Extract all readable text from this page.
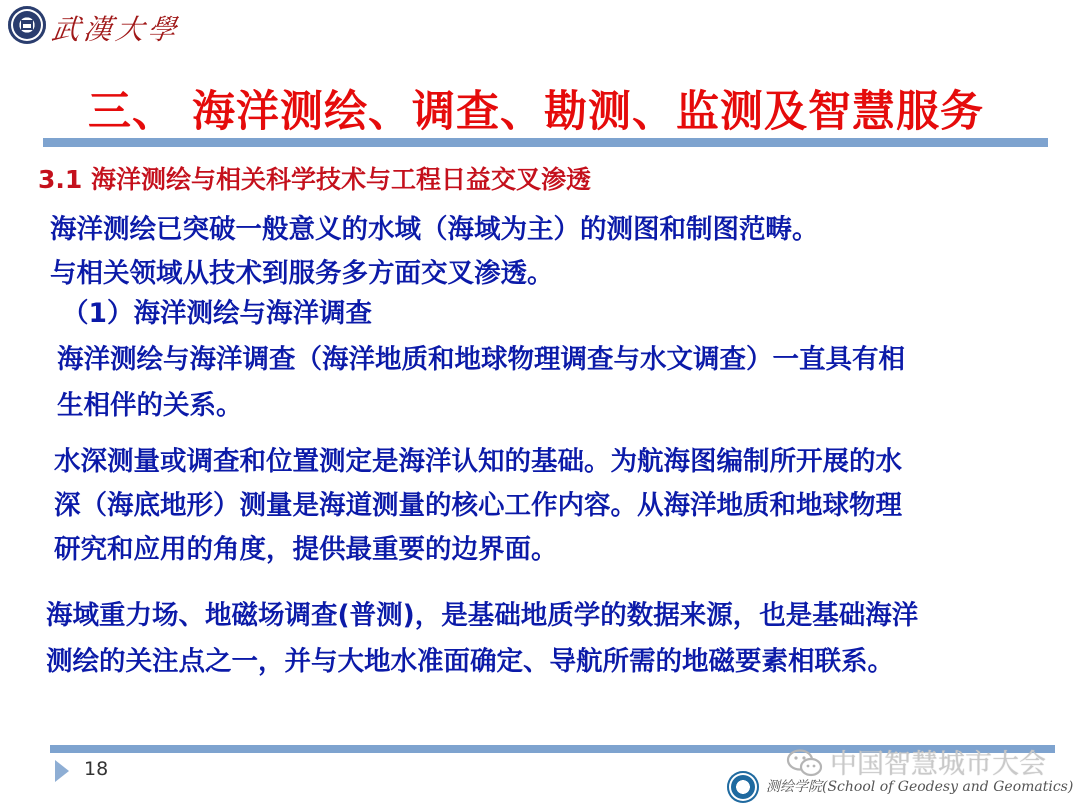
武漢大學
三、 海洋测绘、调查、勘测、监测及智慧服务
3.1 海洋测绘与相关科学技术与工程日益交叉渗透
海洋测绘已突破一般意义的水域（海域为主）的测图和制图范畴。
与相关领域从技术到服务多方面交叉渗透。
（1）海洋测绘与海洋调查
海洋测绘与海洋调查（海洋地质和地球物理调查与水文调查）一直具有相
生相伴的关系。
水深测量或调查和位置测定是海洋认知的基础。为航海图编制所开展的水
深（海底地形）测量是海道测量的核心工作内容。从海洋地质和地球物理
研究和应用的角度，提供最重要的边界面。
海域重力场、地磁场调查(普测)，是基础地质学的数据来源，也是基础海洋
测绘的关注点之一，并与大地水准面确定、导航所需的地磁要素相联系。
18	中国智慧城市大会
测绘学院(School of Geodesy and Geomatics)
